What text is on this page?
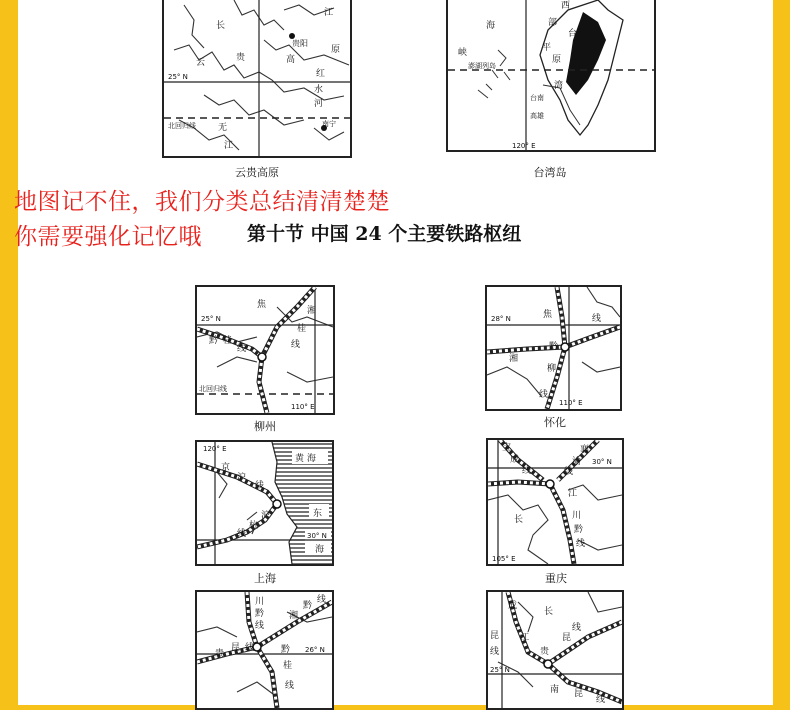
长
江
贵阳
云
原
高
贵
红
水
河
无
江
25° N
北回归线	南宁
云贵高原
海
峡
澎湖列岛
西
部
台
平
原
湾
高雄
台南
120° E
台湾岛
地图记不住，我们分类总结清清楚楚
你需要强化记忆哦 第十节 中国 24 个主要铁路枢纽
25° N
110° E
北回归线
黔 桂
线
焦
湘
桂
线
柳州
28° N
110° E
焦	线
湘
黔
柳
线
怀化
120° E
30° N
黄 海
东
海
京
沪
线
沪
杭
线
上海
30° N
105° E
宝
成
线
襄
渝
线
江
长	川
黔
线
重庆
26° N
川
黔
线
湘
黔
线
贵
昆 线	黔
桂
线
25° N
成
昆
线
长
江
贵
昆
线
南 昆
线
